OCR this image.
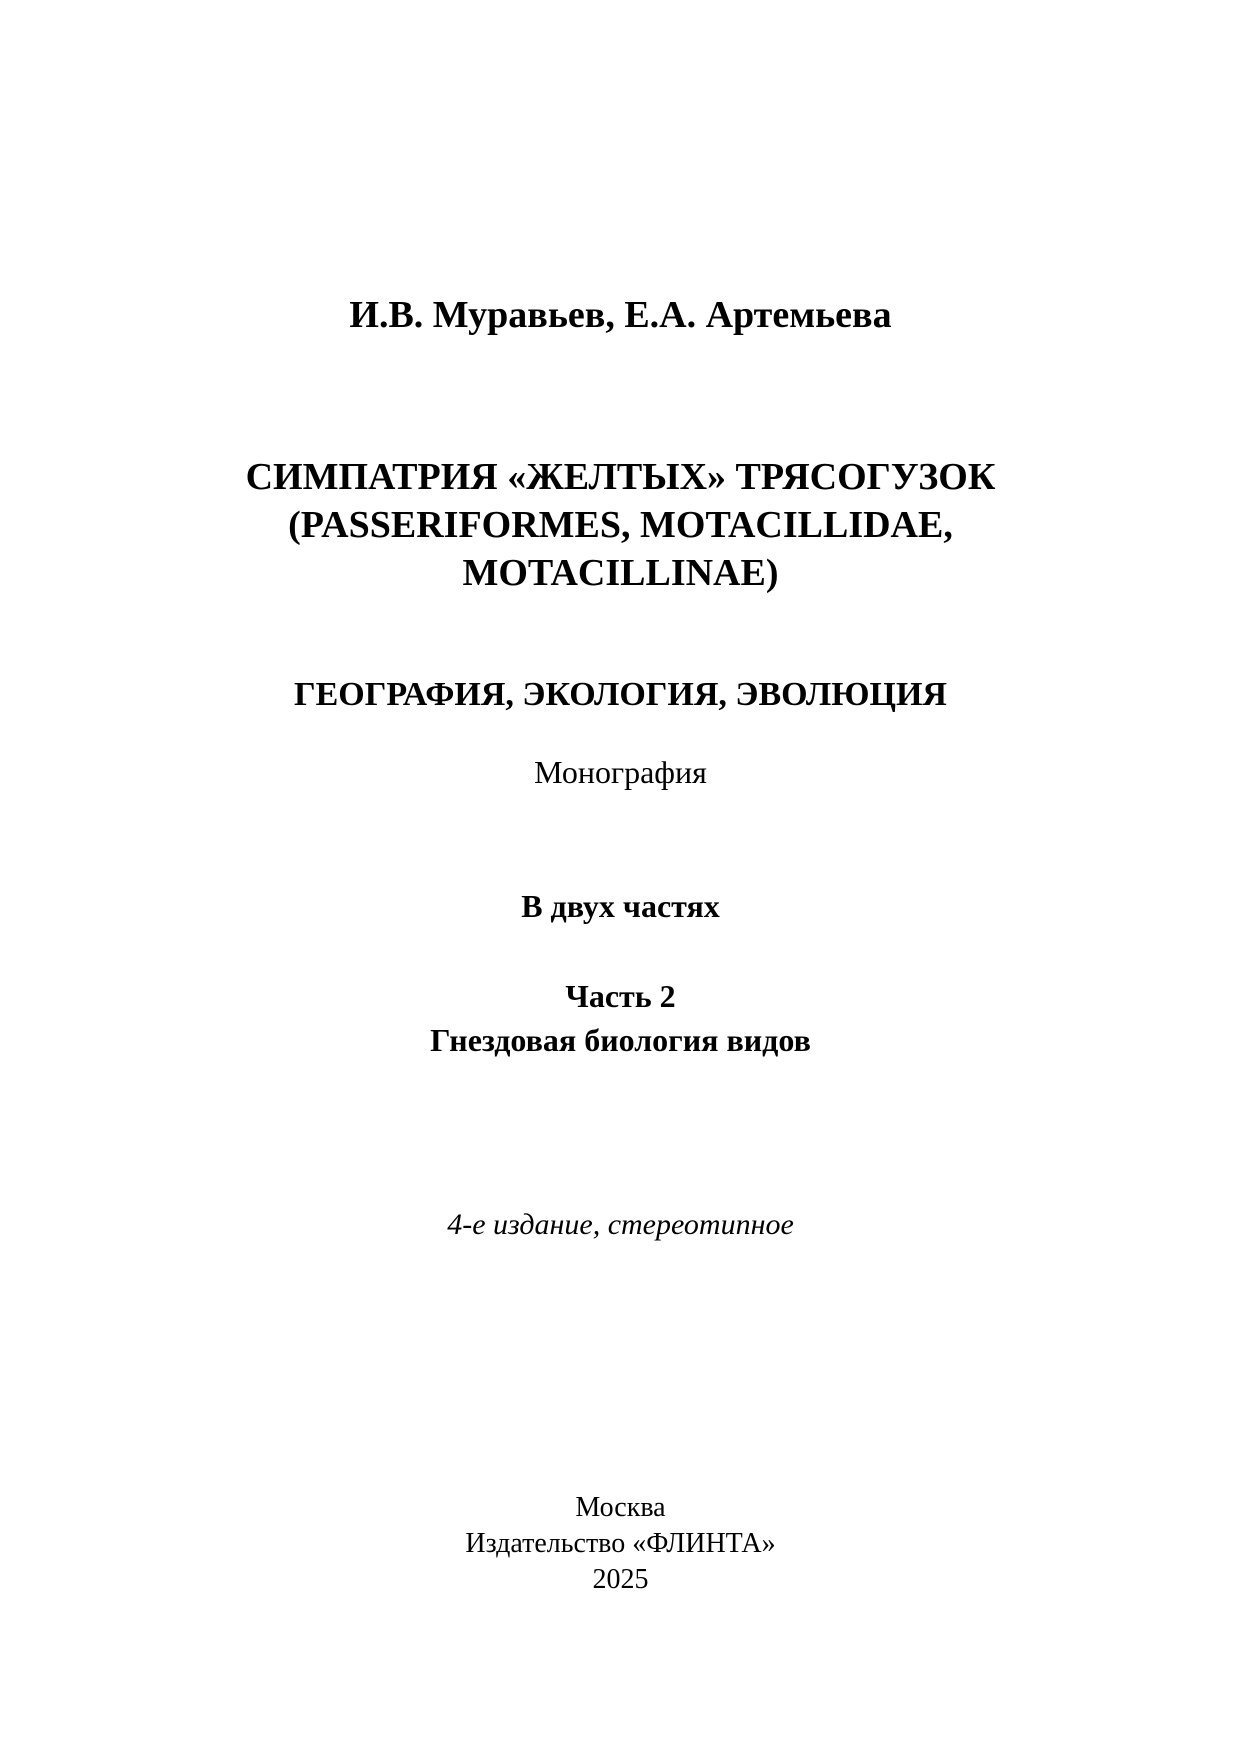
И.В. Муравьев, Е.А. Артемьева
СИМПАТРИЯ «ЖЕЛТЫХ» ТРЯСОГУЗОК
(PASSERIFORMES, MOTACILLIDAE,
MOTACILLINAE)
ГЕОГРАФИЯ, ЭКОЛОГИЯ, ЭВОЛЮЦИЯ
Монография
В двух частях
Часть 2
Гнездовая биология видов
4-е издание, стереотипное
Москва
Издательство «ФЛИНТА»
2025
